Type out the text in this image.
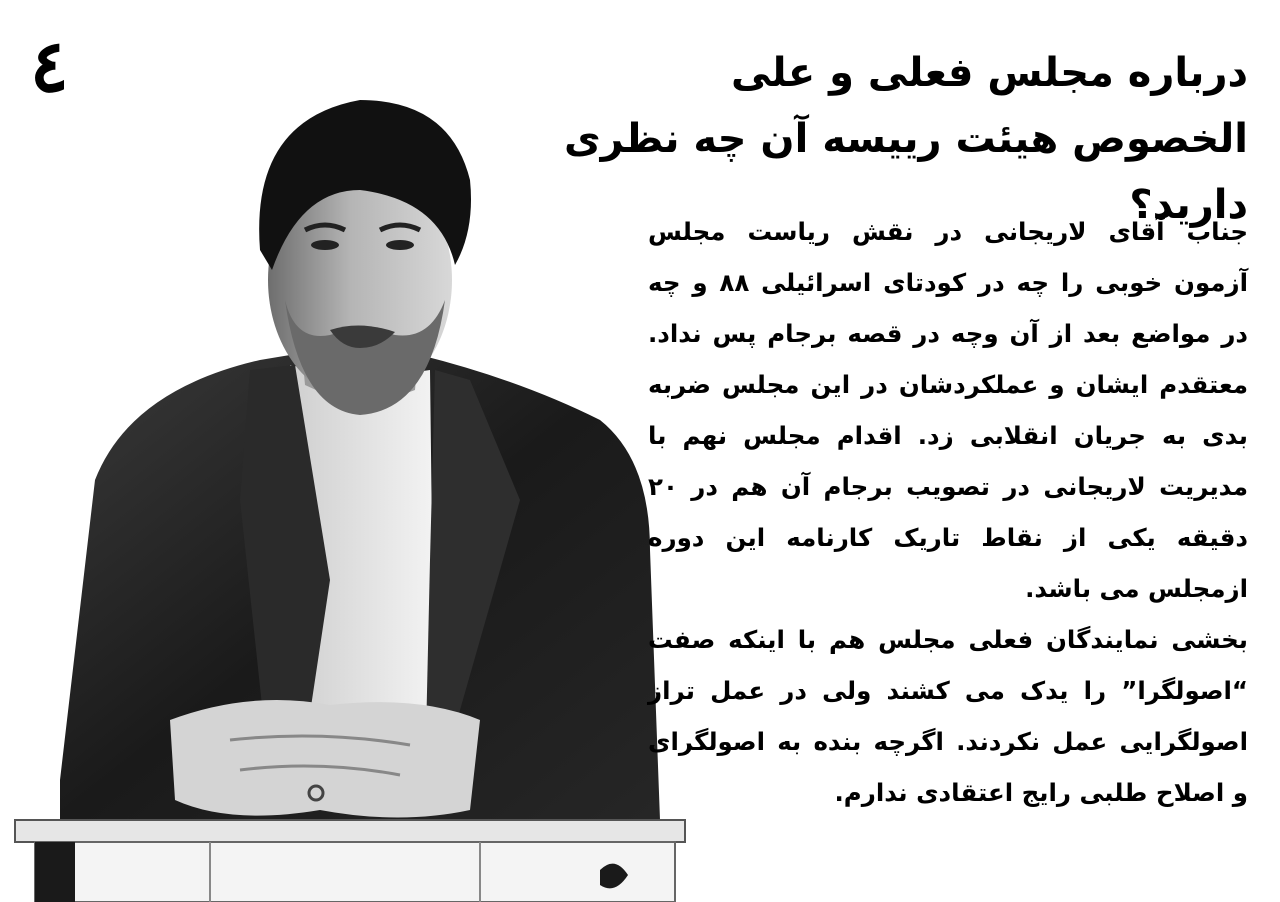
٤	درباره مجلس فعلی و علی الخصوص هیئت رییسه آن چه نظری دارید؟

جناب آقای لاریجانی در نقش ریاست مجلس آزمون خوبی را چه در کودتای اسرائیلی ۸۸ و چه در مواضع بعد از آن وچه در قصه برجام پس نداد. معتقدم ایشان و عملکردشان در این مجلس ضربه بدی به جریان انقلابی زد. اقدام مجلس نهم با مدیریت لاریجانی در تصویب برجام آن هم در ۲۰ دقیقه یکی از نقاط تاریک کارنامه این دوره ازمجلس می باشد.

بخشی نمایندگان فعلی مجلس هم با اینکه صفت “اصولگرا” را یدک می کشند ولی در عمل تراز اصولگرایی عمل نکردند. اگرچه بنده به اصولگرای و اصلاح طلبی رایج اعتقادی ندارم.
